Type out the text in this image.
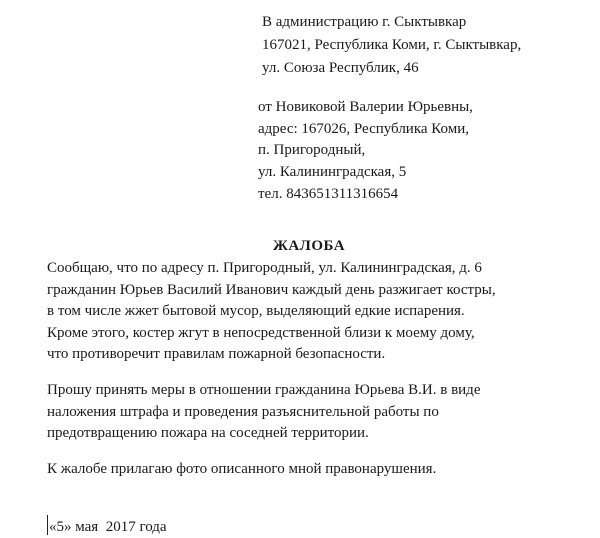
В администрацию г. Сыктывкар
167021, Республика Коми, г. Сыктывкар,
ул. Союза Республик, 46
от Новиковой Валерии Юрьевны,
адрес: 167026, Республика Коми,
п. Пригородный,
ул. Калининградская, 5
тел. 843651311316654
ЖАЛОБА
Сообщаю, что по адресу п. Пригородный, ул. Калининградская, д. 6
гражданин Юрьев Василий Иванович каждый день разжигает костры,
в том числе жжет бытовой мусор, выделяющий едкие испарения.
Кроме этого, костер жгут в непосредственной близи к моему дому,
что противоречит правилам пожарной безопасности.
Прошу принять меры в отношении гражданина Юрьева В.И. в виде
наложения штрафа и проведения разъяснительной работы по
предотвращению пожара на соседней территории.
К жалобе прилагаю фото описанного мной правонарушения.
«5» мая  2017 года
